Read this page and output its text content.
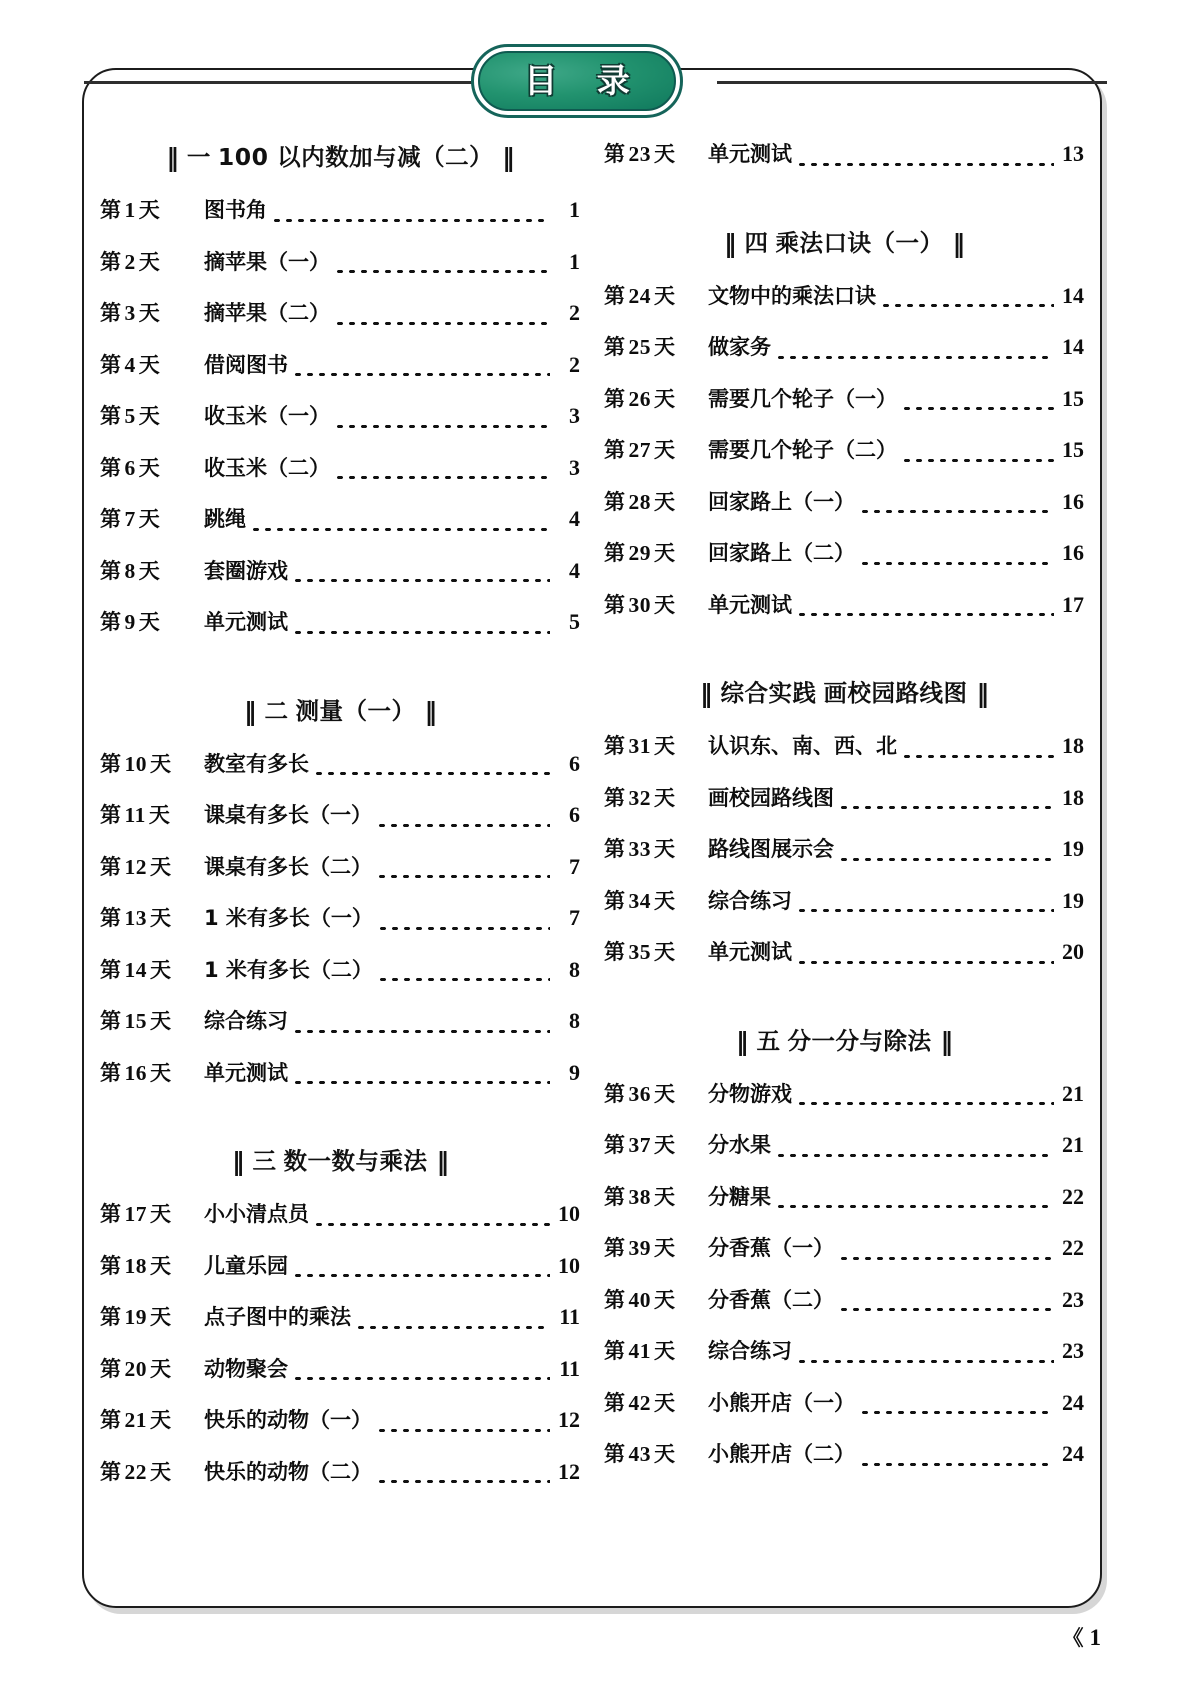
目 录
‖ 一 100 以内数加与减（二） ‖
第 1 天	图书角	1
第 2 天	摘苹果（一）	1
第 3 天	摘苹果（二）	2
第 4 天	借阅图书	2
第 5 天	收玉米（一）	3
第 6 天	收玉米（二）	3
第 7 天	跳绳	4
第 8 天	套圈游戏	4
第 9 天	单元测试	5
‖ 二 测量（一） ‖
第 10 天	教室有多长	6
第 11 天	课桌有多长（一）	6
第 12 天	课桌有多长（二）	7
第 13 天	1 米有多长（一）	7
第 14 天	1 米有多长（二）	8
第 15 天	综合练习	8
第 16 天	单元测试	9
‖ 三 数一数与乘法 ‖
第 17 天	小小清点员	10
第 18 天	儿童乐园	10
第 19 天	点子图中的乘法	11
第 20 天	动物聚会	11
第 21 天	快乐的动物（一）	12
第 22 天	快乐的动物（二）	12
第 23 天	单元测试	13
‖ 四 乘法口诀（一） ‖
第 24 天	文物中的乘法口诀	14
第 25 天	做家务	14
第 26 天	需要几个轮子（一）	15
第 27 天	需要几个轮子（二）	15
第 28 天	回家路上（一）	16
第 29 天	回家路上（二）	16
第 30 天	单元测试	17
‖ 综合实践 画校园路线图 ‖
第 31 天	认识东、南、西、北	18
第 32 天	画校园路线图	18
第 33 天	路线图展示会	19
第 34 天	综合练习	19
第 35 天	单元测试	20
‖ 五 分一分与除法 ‖
第 36 天	分物游戏	21
第 37 天	分水果	21
第 38 天	分糖果	22
第 39 天	分香蕉（一）	22
第 40 天	分香蕉（二）	23
第 41 天	综合练习	23
第 42 天	小熊开店（一）	24
第 43 天	小熊开店（二）	24
《 1
